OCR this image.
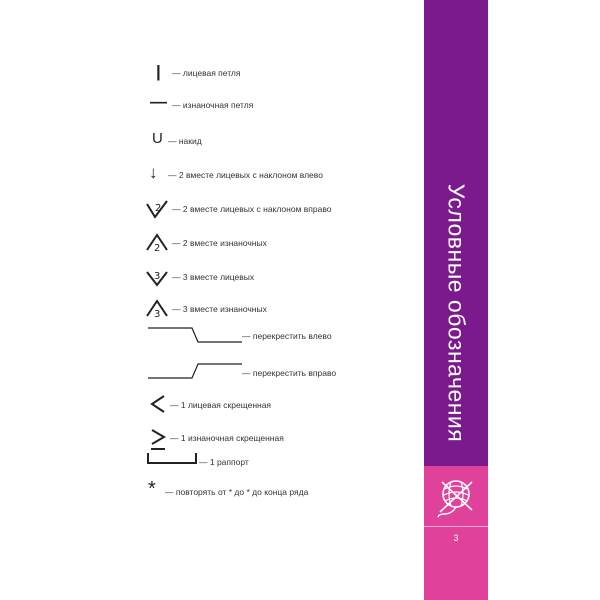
| — лицевая петля
— — изнаночная петля
U — накид
↓ — 2 вместе лицевых с наклоном влево
2 — 2 вместе лицевых с наклоном вправо
2 — 2 вместе изнаночных
3 — 3 вместе лицевых
3 — 3 вместе изнаночных
— перекрестить влево
— перекрестить вправо
— 1 лицевая скрещенная
— 1 изнаночная скрещенная
— 1 раппорт
* — повторять от * до * до конца ряда
Условные обозначения
3
